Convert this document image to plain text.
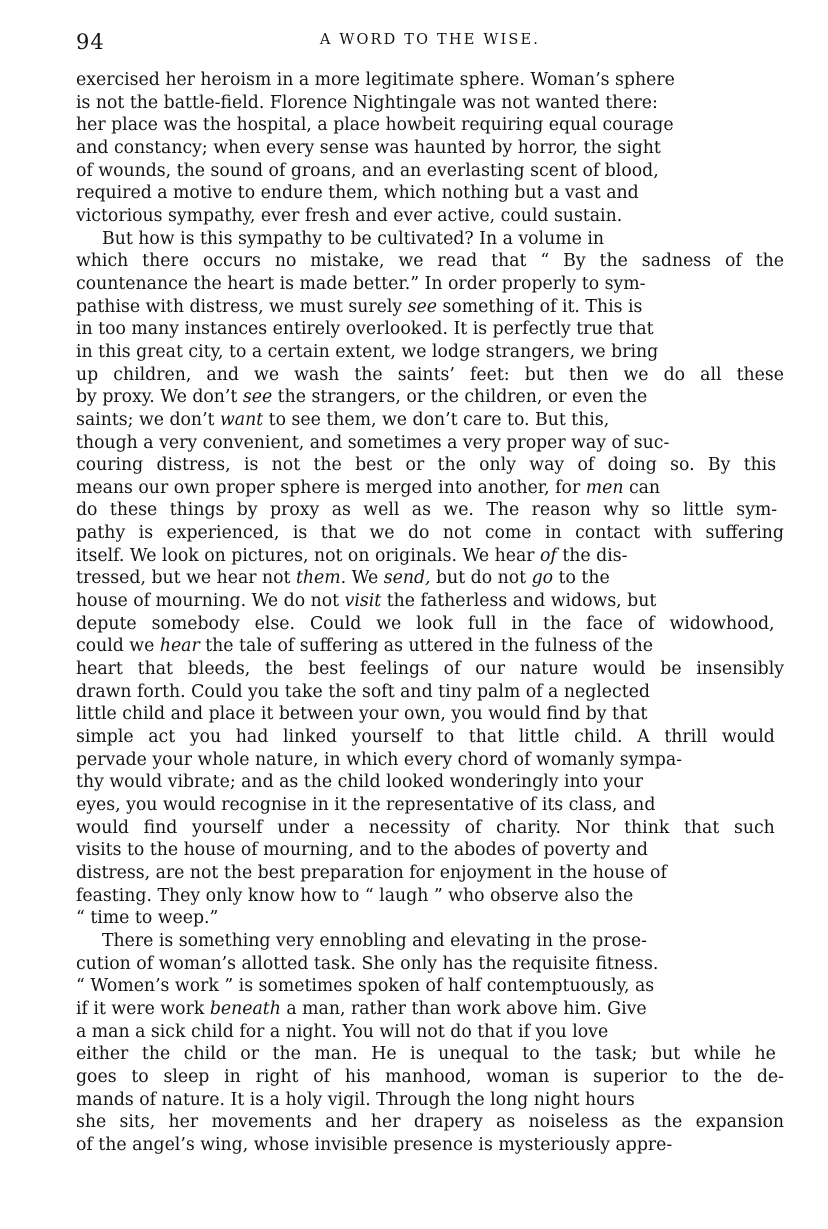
94	A WORD TO THE WISE.
exercised her heroism in a more legitimate sphere. Woman’s sphere
is not the battle-field. Florence Nightingale was not wanted there:
her place was the hospital, a place howbeit requiring equal courage
and constancy; when every sense was haunted by horror, the sight
of wounds, the sound of groans, and an everlasting scent of blood,
required a motive to endure them, which nothing but a vast and
victorious sympathy, ever fresh and ever active, could sustain.
But how is this sympathy to be cultivated? In a volume in
which there occurs no mistake, we read that “ By the sadness of the
countenance the heart is made better.” In order properly to sym-
pathise with distress, we must surely see something of it. This is
in too many instances entirely overlooked. It is perfectly true that
in this great city, to a certain extent, we lodge strangers, we bring
up children, and we wash the saints’ feet: but then we do all these
by proxy. We don’t see the strangers, or the children, or even the
saints; we don’t want to see them, we don’t care to. But this,
though a very convenient, and sometimes a very proper way of suc-
couring distress, is not the best or the only way of doing so. By this
means our own proper sphere is merged into another, for men can
do these things by proxy as well as we. The reason why so little sym-
pathy is experienced, is that we do not come in contact with suffering
itself. We look on pictures, not on originals. We hear of the dis-
tressed, but we hear not them. We send, but do not go to the
house of mourning. We do not visit the fatherless and widows, but
depute somebody else. Could we look full in the face of widowhood,
could we hear the tale of suffering as uttered in the fulness of the
heart that bleeds, the best feelings of our nature would be insensibly
drawn forth. Could you take the soft and tiny palm of a neglected
little child and place it between your own, you would find by that
simple act you had linked yourself to that little child. A thrill would
pervade your whole nature, in which every chord of womanly sympa-
thy would vibrate; and as the child looked wonderingly into your
eyes, you would recognise in it the representative of its class, and
would find yourself under a necessity of charity. Nor think that such
visits to the house of mourning, and to the abodes of poverty and
distress, are not the best preparation for enjoyment in the house of
feasting. They only know how to “ laugh ” who observe also the
“ time to weep.”
There is something very ennobling and elevating in the prose-
cution of woman’s allotted task. She only has the requisite fitness.
“ Women’s work ” is sometimes spoken of half contemptuously, as
if it were work beneath a man, rather than work above him. Give
a man a sick child for a night. You will not do that if you love
either the child or the man. He is unequal to the task; but while he
goes to sleep in right of his manhood, woman is superior to the de-
mands of nature. It is a holy vigil. Through the long night hours
she sits, her movements and her drapery as noiseless as the expansion
of the angel’s wing, whose invisible presence is mysteriously appre-
